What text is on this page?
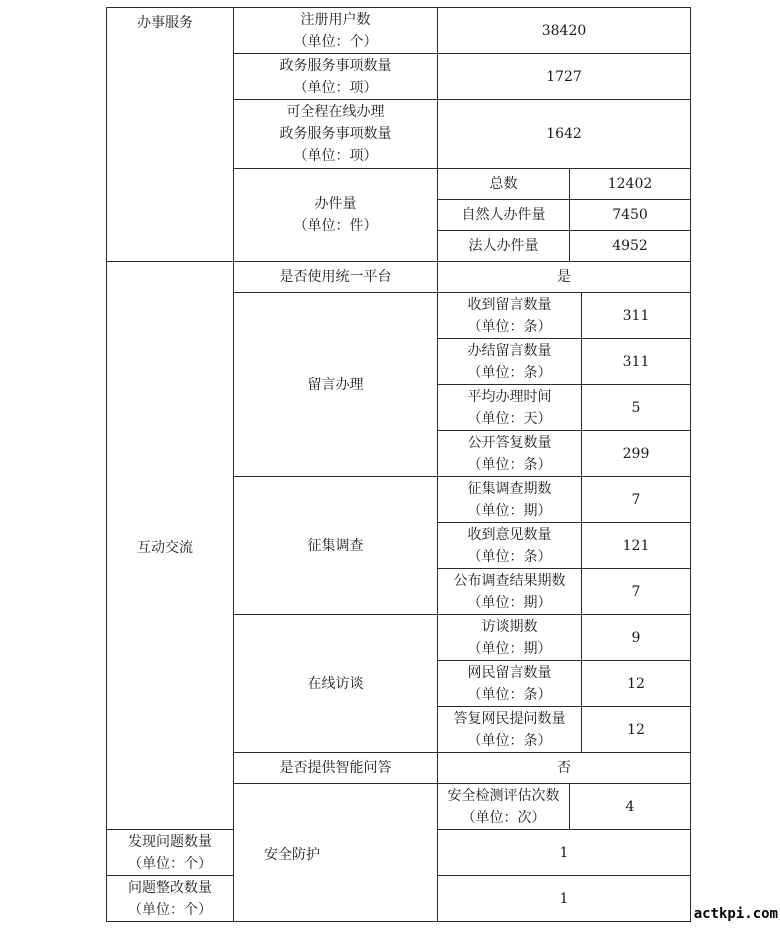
办事服务	注册用户数
（单位：个）	38420		

	政务服务事项数量
（单位：项）	1727		

	可全程在线办理
政务服务事项数量
（单位：项）	1642		

	办件量
（单位：件）	总数	12402	
		自然人办件量	7450	
		法人办件量	4952	
互动交流	是否使用统一平台	是		
	留言办理	收到留言数量
（单位：条）		311

		办结留言数量
（单位：条）		311

		平均办理时间
（单位：天）		5

		公开答复数量
（单位：条）		299
	征集调查	征集调查期数
（单位：期）		7

		收到意见数量
（单位：条）		121

		公布调查结果期数
（单位：期）		7
	在线访谈	访谈期数
（单位：期）		9

		网民留言数量
（单位：条）		12

		答复网民提问数量
（单位：条）		12
	是否提供智能问答	否		
	安全防护	安全检测评估次数
（单位：次）	4	

发现问题数量
（单位：个）		1		

问题整改数量
（单位：个）		1		
actkpi.com
